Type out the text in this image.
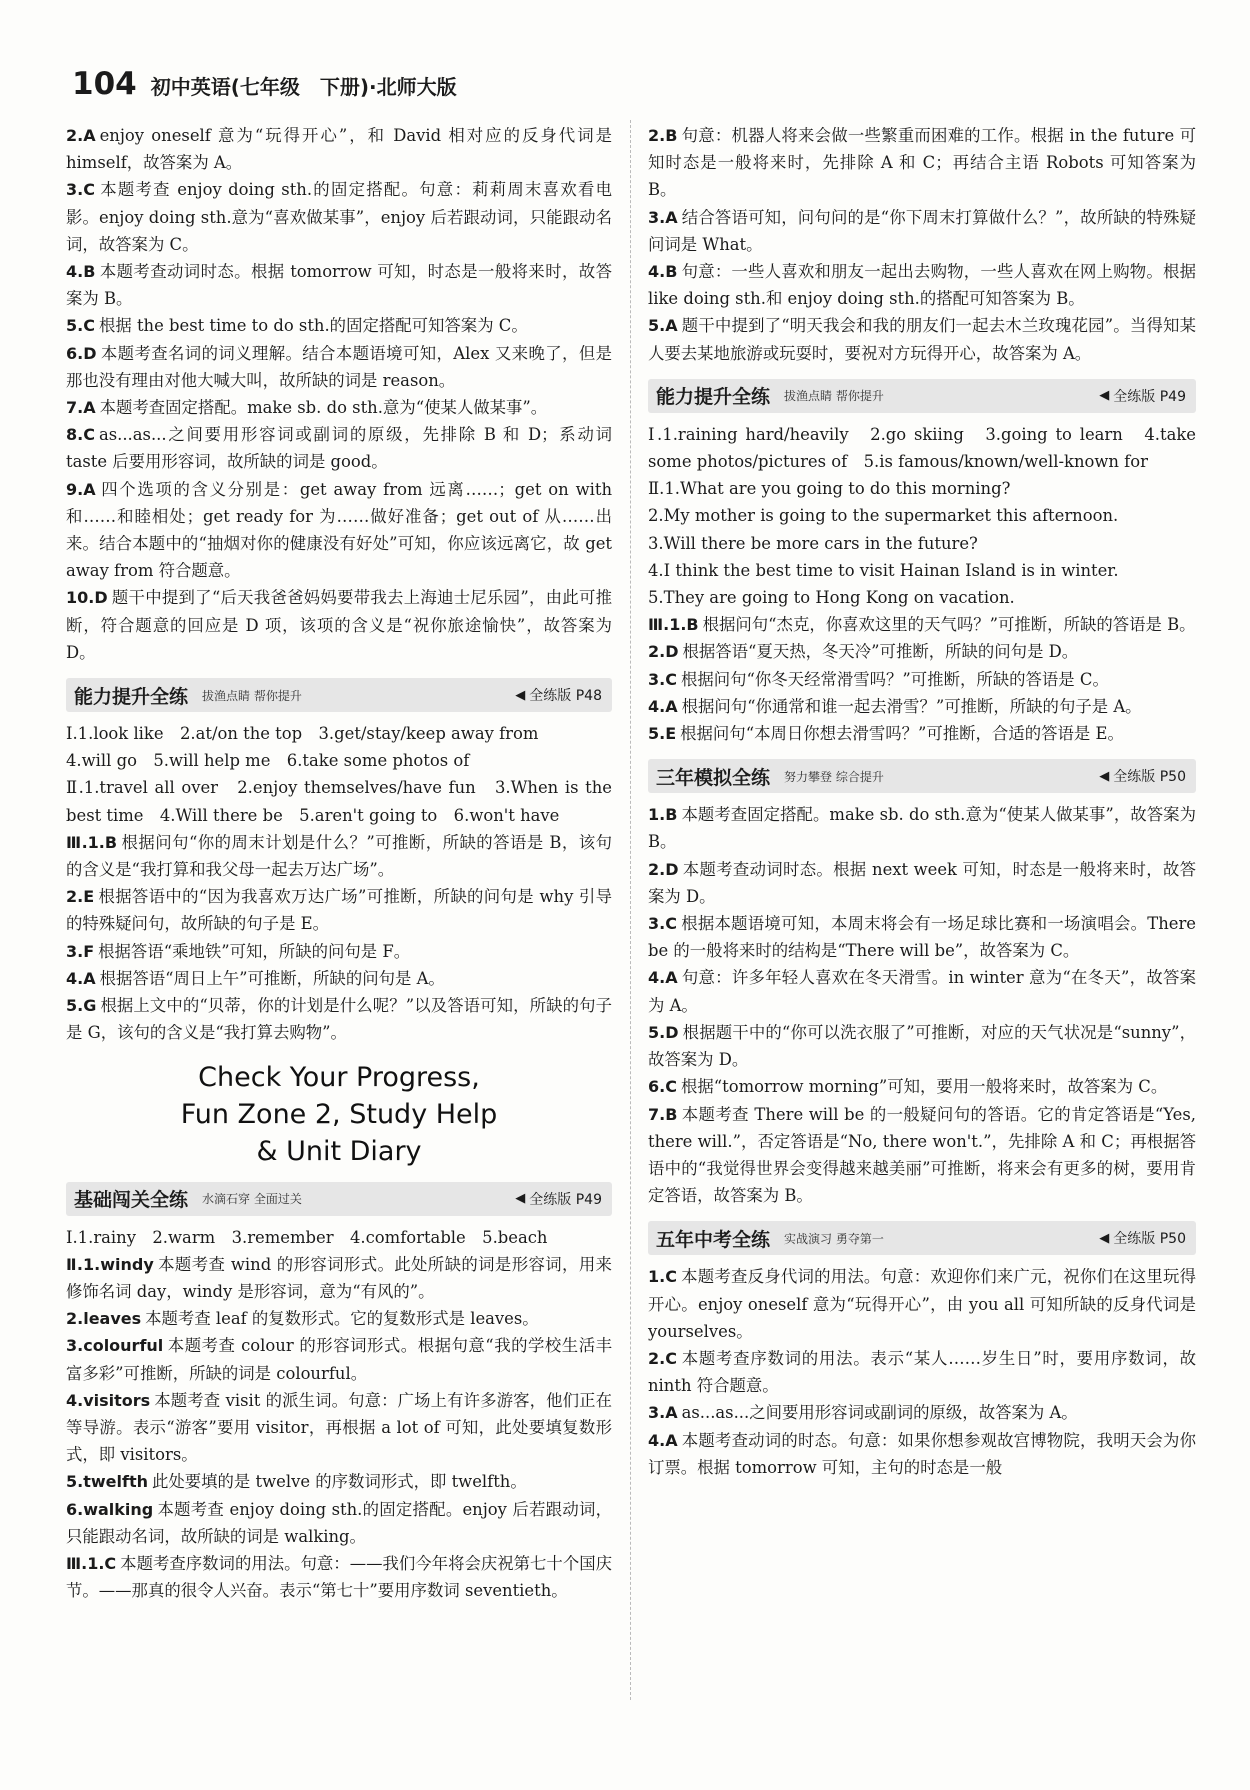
104 初中英语(七年级　下册)·北师大版

2.A enjoy oneself 意为“玩得开心”，和 David 相对应的反身代词是 himself，故答案为 A。

3.C 本题考查 enjoy doing sth.的固定搭配。句意：莉莉周末喜欢看电影。enjoy doing sth.意为“喜欢做某事”，enjoy 后若跟动词，只能跟动名词，故答案为 C。

4.B 本题考查动词时态。根据 tomorrow 可知，时态是一般将来时，故答案为 B。

5.C 根据 the best time to do sth.的固定搭配可知答案为 C。

6.D 本题考查名词的词义理解。结合本题语境可知，Alex 又来晚了，但是那也没有理由对他大喊大叫，故所缺的词是 reason。

7.A 本题考查固定搭配。make sb. do sth.意为“使某人做某事”。

8.C as...as...之间要用形容词或副词的原级，先排除 B 和 D；系动词 taste 后要用形容词，故所缺的词是 good。

9.A 四个选项的含义分别是：get away from 远离……；get on with 和……和睦相处；get ready for 为……做好准备；get out of 从……出来。结合本题中的“抽烟对你的健康没有好处”可知，你应该远离它，故 get away from 符合题意。

10.D 题干中提到了“后天我爸爸妈妈要带我去上海迪士尼乐园”，由此可推断，符合题意的回应是 D 项，该项的含义是“祝你旅途愉快”，故答案为 D。

能力提升全练	拔渔点睛 帮你提升	◀ 全练版 P48

Ⅰ.1.look like　2.at/on the top　3.get/stay/keep away from

4.will go　5.will help me　6.take some photos of

Ⅱ.1.travel all over　2.enjoy themselves/have fun　3.When is the best time　4.Will there be　5.aren't going to　6.won't have

Ⅲ.1.B 根据问句“你的周末计划是什么？”可推断，所缺的答语是 B，该句的含义是“我打算和我父母一起去万达广场”。

2.E 根据答语中的“因为我喜欢万达广场”可推断，所缺的问句是 why 引导的特殊疑问句，故所缺的句子是 E。

3.F 根据答语“乘地铁”可知，所缺的问句是 F。

4.A 根据答语“周日上午”可推断，所缺的问句是 A。

5.G 根据上文中的“贝蒂，你的计划是什么呢？”以及答语可知，所缺的句子是 G，该句的含义是“我打算去购物”。

Check Your Progress,
Fun Zone 2, Study Help
& Unit Diary
基础闯关全练	水滴石穿 全面过关	◀ 全练版 P49

Ⅰ.1.rainy　2.warm　3.remember　4.comfortable　5.beach

Ⅱ.1.windy 本题考查 wind 的形容词形式。此处所缺的词是形容词，用来修饰名词 day，windy 是形容词，意为“有风的”。

2.leaves 本题考查 leaf 的复数形式。它的复数形式是 leaves。

3.colourful 本题考查 colour 的形容词形式。根据句意“我的学校生活丰富多彩”可推断，所缺的词是 colourful。

4.visitors 本题考查 visit 的派生词。句意：广场上有许多游客，他们正在等导游。表示“游客”要用 visitor，再根据 a lot of 可知，此处要填复数形式，即 visitors。

5.twelfth 此处要填的是 twelve 的序数词形式，即 twelfth。

6.walking 本题考查 enjoy doing sth.的固定搭配。enjoy 后若跟动词，只能跟动名词，故所缺的词是 walking。

Ⅲ.1.C 本题考查序数词的用法。句意：——我们今年将会庆祝第七十个国庆节。——那真的很令人兴奋。表示“第七十”要用序数词 seventieth。

2.B 句意：机器人将来会做一些繁重而困难的工作。根据 in the future 可知时态是一般将来时，先排除 A 和 C；再结合主语 Robots 可知答案为 B。

3.A 结合答语可知，问句问的是“你下周末打算做什么？”，故所缺的特殊疑问词是 What。

4.B 句意：一些人喜欢和朋友一起出去购物，一些人喜欢在网上购物。根据 like doing sth.和 enjoy doing sth.的搭配可知答案为 B。

5.A 题干中提到了“明天我会和我的朋友们一起去木兰玫瑰花园”。当得知某人要去某地旅游或玩耍时，要祝对方玩得开心，故答案为 A。

能力提升全练	拔渔点睛 帮你提升	◀ 全练版 P49

Ⅰ.1.raining hard/heavily　2.go skiing　3.going to learn　4.take some photos/pictures of　5.is famous/known/well-known for

Ⅱ.1.What are you going to do this morning?

2.My mother is going to the supermarket this afternoon.

3.Will there be more cars in the future?

4.I think the best time to visit Hainan Island is in winter.

5.They are going to Hong Kong on vacation.

Ⅲ.1.B 根据问句“杰克，你喜欢这里的天气吗？”可推断，所缺的答语是 B。

2.D 根据答语“夏天热，冬天冷”可推断，所缺的问句是 D。

3.C 根据问句“你冬天经常滑雪吗？”可推断，所缺的答语是 C。

4.A 根据问句“你通常和谁一起去滑雪？”可推断，所缺的句子是 A。

5.E 根据问句“本周日你想去滑雪吗？”可推断，合适的答语是 E。

三年模拟全练	努力攀登 综合提升	◀ 全练版 P50

1.B 本题考查固定搭配。make sb. do sth.意为“使某人做某事”，故答案为 B。

2.D 本题考查动词时态。根据 next week 可知，时态是一般将来时，故答案为 D。

3.C 根据本题语境可知，本周末将会有一场足球比赛和一场演唱会。There be 的一般将来时的结构是“There will be”，故答案为 C。

4.A 句意：许多年轻人喜欢在冬天滑雪。in winter 意为“在冬天”，故答案为 A。

5.D 根据题干中的“你可以洗衣服了”可推断，对应的天气状况是“sunny”，故答案为 D。

6.C 根据“tomorrow morning”可知，要用一般将来时，故答案为 C。

7.B 本题考查 There will be 的一般疑问句的答语。它的肯定答语是“Yes, there will.”，否定答语是“No, there won't.”，先排除 A 和 C；再根据答语中的“我觉得世界会变得越来越美丽”可推断，将来会有更多的树，要用肯定答语，故答案为 B。

五年中考全练	实战演习 勇夺第一	◀ 全练版 P50

1.C 本题考查反身代词的用法。句意：欢迎你们来广元，祝你们在这里玩得开心。enjoy oneself 意为“玩得开心”，由 you all 可知所缺的反身代词是 yourselves。

2.C 本题考查序数词的用法。表示“某人……岁生日”时，要用序数词，故 ninth 符合题意。

3.A as...as...之间要用形容词或副词的原级，故答案为 A。

4.A 本题考查动词的时态。句意：如果你想参观故宫博物院，我明天会为你订票。根据 tomorrow 可知，主句的时态是一般
